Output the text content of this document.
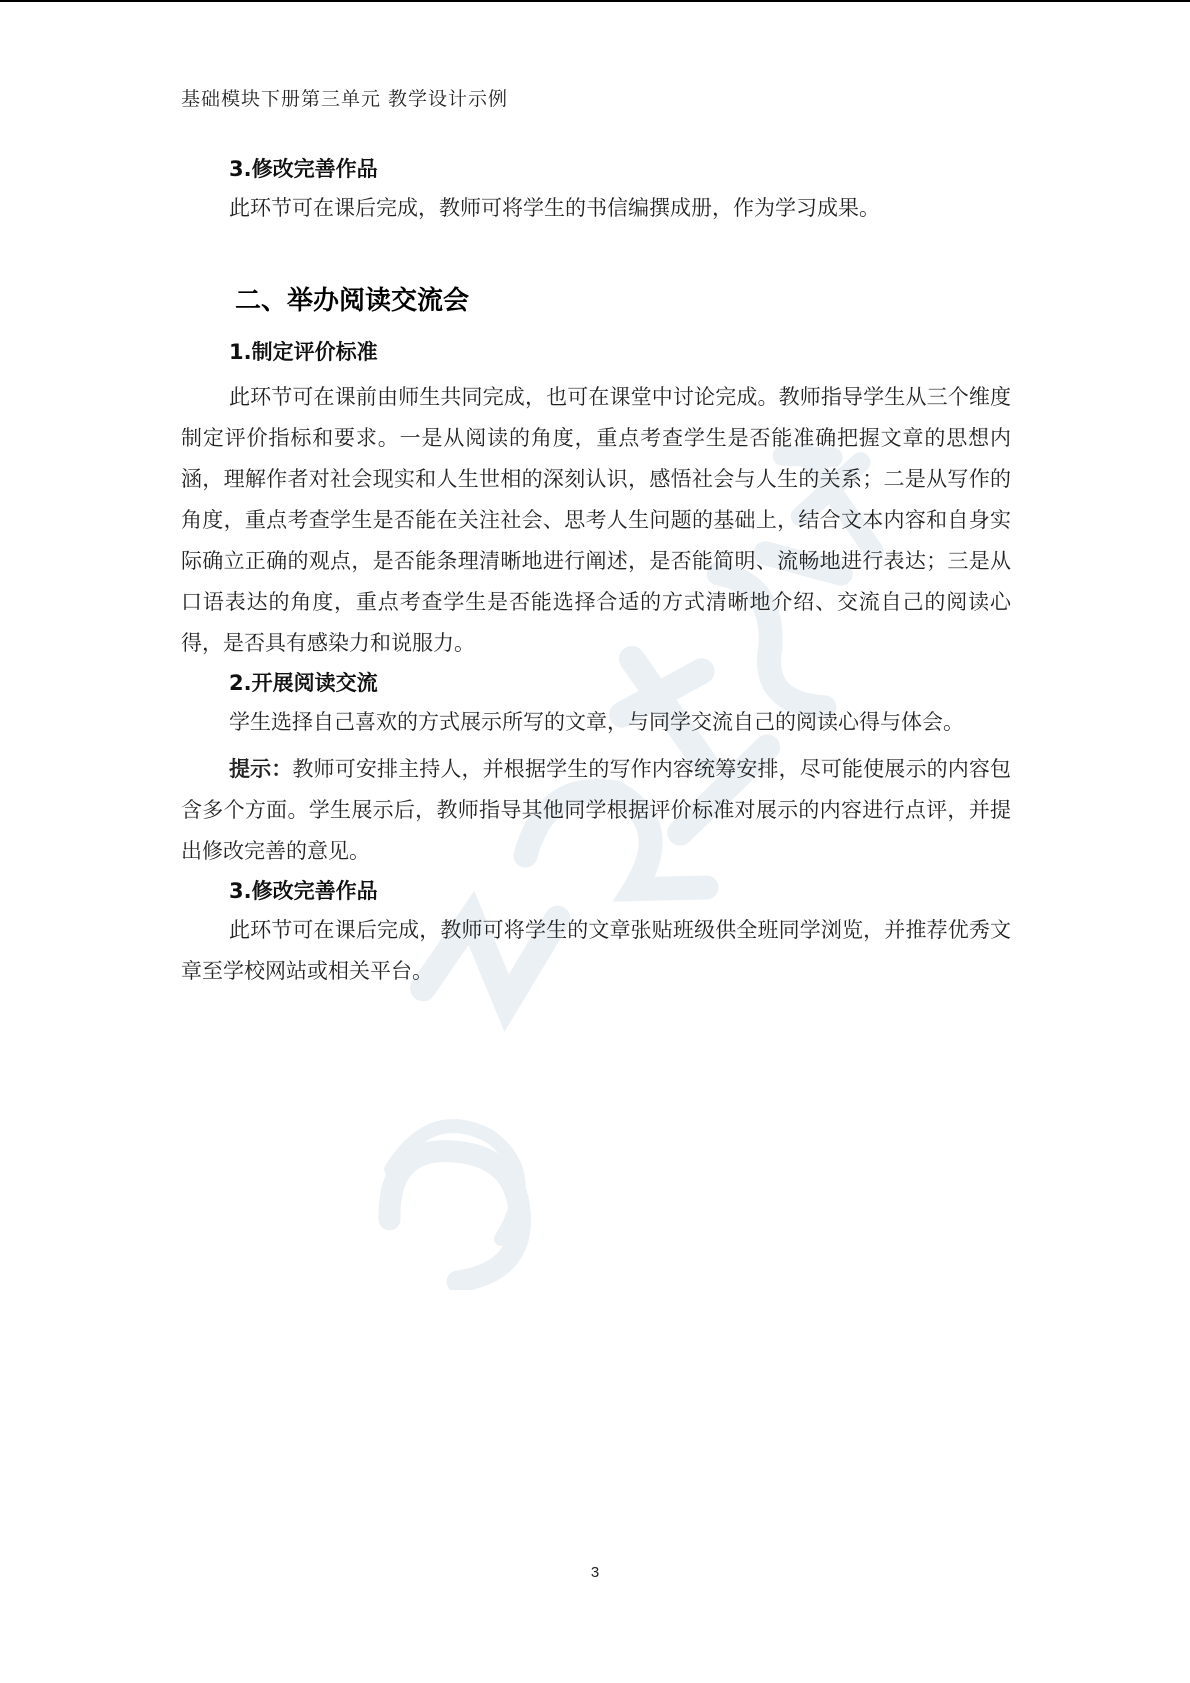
基础模块下册第三单元 教学设计示例
3.修改完善作品

此环节可在课后完成，教师可将学生的书信编撰成册，作为学习成果。

二、举办阅读交流会
1.制定评价标准

此环节可在课前由师生共同完成，也可在课堂中讨论完成。教师指导学生从三个维度制定评价指标和要求。一是从阅读的角度，重点考查学生是否能准确把握文章的思想内涵，理解作者对社会现实和人生世相的深刻认识，感悟社会与人生的关系；二是从写作的角度，重点考查学生是否能在关注社会、思考人生问题的基础上，结合文本内容和自身实际确立正确的观点，是否能条理清晰地进行阐述，是否能简明、流畅地进行表达；三是从口语表达的角度，重点考查学生是否能选择合适的方式清晰地介绍、交流自己的阅读心得，是否具有感染力和说服力。

2.开展阅读交流

学生选择自己喜欢的方式展示所写的文章，与同学交流自己的阅读心得与体会。

提示：教师可安排主持人，并根据学生的写作内容统筹安排，尽可能使展示的内容包含多个方面。学生展示后，教师指导其他同学根据评价标准对展示的内容进行点评，并提出修改完善的意见。

3.修改完善作品

此环节可在课后完成，教师可将学生的文章张贴班级供全班同学浏览，并推荐优秀文章至学校网站或相关平台。

3
